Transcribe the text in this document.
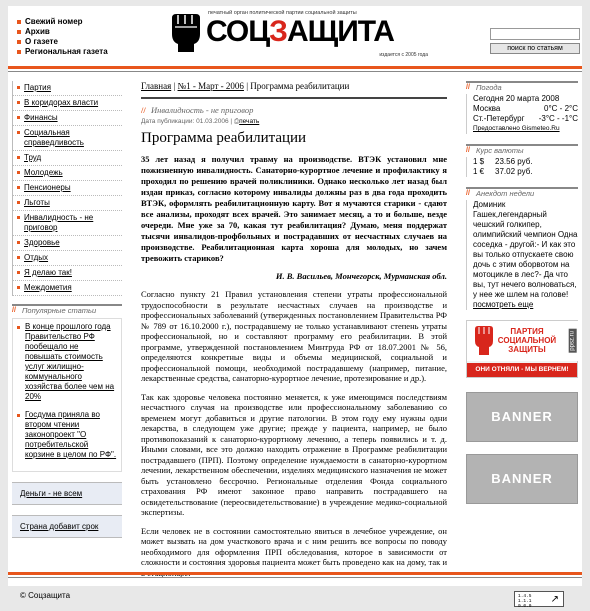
Свежий номер
Архив
О газете
Региональная газета
печатный орган политической партии социальной защиты
СОЦЗАЩИТА
издается с 2005 года
поиск по статьям
Партия
В коридорах власти
Финансы
Социальная справедливость
Труд
Молодежь
Пенсионеры
Льготы
Инвалидность - не приговор
Здоровье
Отдых
Я делаю так!
Междометия
// Популярные статьи

В конце прошлого года Правительство РФ пообещало не повышать стоимость услуг жилищно-коммунального хозяйства более чем на 20%

Госдума приняла во втором чтении законопроект "О потребительской корзине в целом по РФ".

Деньги - не всем
Страна добавит срок
Главная | №1 - Март - 2006 | Программа реабилитации
// Инвалидность - не приговор
Дата публикации: 01.03.2006 | ⎙печать
Программа реабилитации

35 лет назад я получил травму на производстве. ВТЭК установил мне пожизненную инвалидность. Санаторно-курортное лечение и профилактику я проходил по решению врачей поликлиники. Однако несколько лет назад был издан приказ, согласно которому инвалиды должны раз в два года проходить ВТЭК, оформлять реабилитационную карту. Вот я мучаются старики - сдают все анализы, проходят всех врачей. Это занимает месяц, а то и больше, везде очереди. Мне уже за 70, какая тут реабилитация? Думаю, меня поддержат тысячи инвалидов-профбольных и пострадавших от несчастных случаев на производстве. Реабилитационная карта хороша для молодых, но зачем тревожить стариков?

И. В. Васильев, Мончегорск, Мурманская обл.

Согласно пункту 21 Правил установления степени утраты профессиональной трудоспособности в результате несчастных случаев на производстве и профессиональных заболеваний (утвержденных постановлением Правительства РФ № 789 от 16.10.2000 г.), пострадавшему не только устанавливают степень утраты профессиональной, но и составляют программу его реабилитации. В этой программе, утвержденной постановлением Минтруда РФ от 18.07.2001 № 56, определяются конкретные виды и объемы медицинской, социальной и профессиональной помощи, необходимой пострадавшему (например, питание, лекарственные средства, санаторно-курортное лечение, протезирование и др.).

Так как здоровье человека постоянно меняется, к уже имеющимся последствиям несчастного случая на производстве или профессиональному заболеванию со временем могут добавиться и другие патологии. В этом году ему нужны одни лекарства, в следующем уже другие; прежде у пациента, например, не было противопоказаний к санаторно-курортному лечению, а теперь появились и т. д. Иными словами, все это должно находить отражение в Программе реабилитации пострадавшего (ПРП). Поэтому определение нуждаемости в санаторно-курортном лечении, лекарственном обеспечении, изделиях медицинского назначения не может быть установлено бессрочно. Региональные отделения Фонда социального страхования РФ имеют законное право направить пострадавшего на освидетельствование (переосвидетельствование) в учреждение медико-социальной экспертизы.

Если человек не в состоянии самостоятельно явиться в лечебное учреждение, он может вызвать на дом участкового врача и с ним решить все вопросы по поводу необходимого для оформления ПРП обследования, которое в зависимости от сложности и состояния здоровья пациента может быть проведено как на дому, так и

// Погода
Сегодня 20 марта 2008
Москва	0°C - 2°C
Ст.-Петербург -3°C - -1°C
Предоставлено Gismeteo.Ru
// Курс валюты
1 $	23.56 руб.
1 €	37.02 руб.
// Анекдот недели
Доминик Гашек,легендарный чешский голкипер, олимпийский чемпион Одна соседка - другой:- И как это вы только отпускаете свою дочь с этим оборвотом на мотоцикле в лес?- Да что вы, тут нечего волноваться, у нее же шлем на голове!
посмотреть еще
ПАРТИЯ
СОЦИАЛЬНОЙ
ЗАЩИТЫ	ppsz.ru
ОНИ ОТНЯЛИ - МЫ ВЕРНЕМ!
BANNER
BANNER
© Соцзащита	1.4.5
1.1.1
0.0.0
↗
